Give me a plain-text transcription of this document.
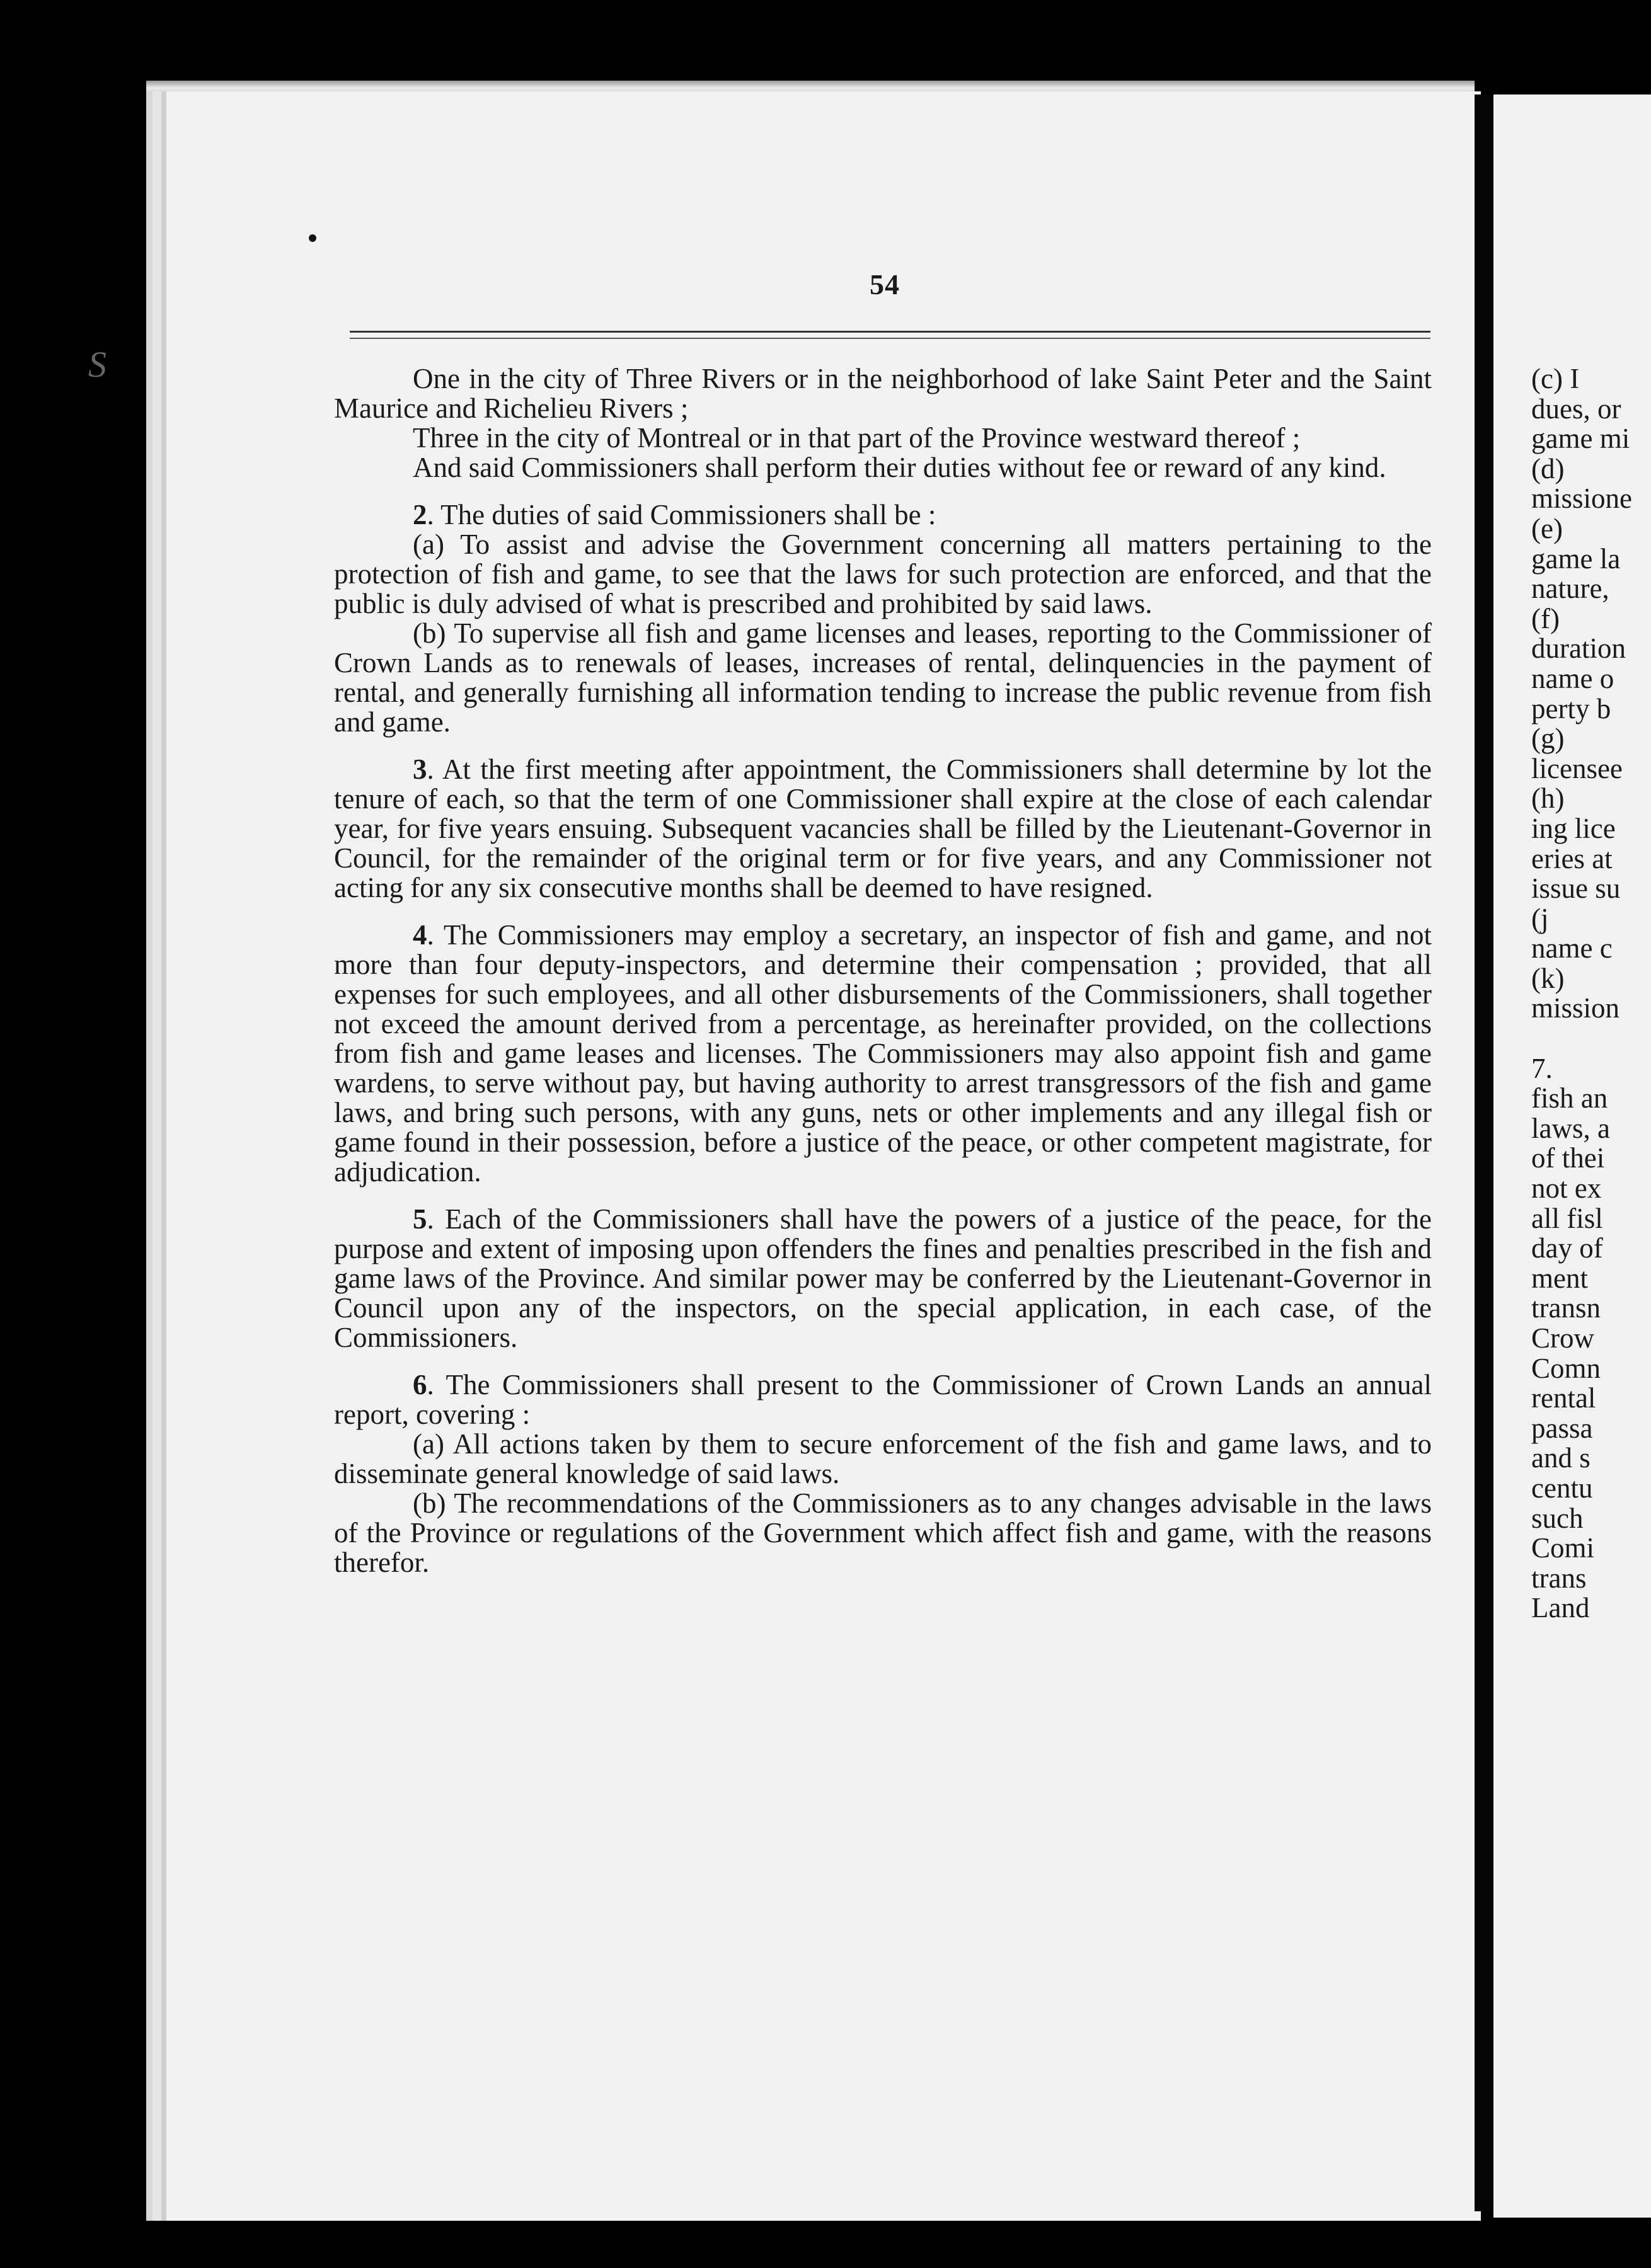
S
54

One in the city of Three Rivers or in the neighborhood of lake Saint Peter and the Saint Maurice and Richelieu Rivers ;

Three in the city of Montreal or in that part of the Province westward thereof ;

And said Commissioners shall perform their duties without fee or reward of any kind.

2. The duties of said Commissioners shall be :

(a) To assist and advise the Government concerning all matters pertaining to the protection of fish and game, to see that the laws for such protection are enforced, and that the public is duly advised of what is prescribed and prohibited by said laws.

(b) To supervise all fish and game licenses and leases, reporting to the Commissioner of Crown Lands as to renewals of leases, increases of rental, delinquencies in the payment of rental, and generally furnishing all information tending to increase the public revenue from fish and game.

3. At the first meeting after appointment, the Commissioners shall determine by lot the tenure of each, so that the term of one Commissioner shall expire at the close of each calendar year, for five years ensuing. Subsequent vacancies shall be filled by the Lieutenant-Governor in Council, for the remainder of the original term or for five years, and any Commissioner not acting for any six consecutive months shall be deemed to have resigned.

4. The Commissioners may employ a secretary, an inspector of fish and game, and not more than four deputy-inspectors, and determine their compensation ; provided, that all expenses for such employees, and all other disbursements of the Commissioners, shall together not exceed the amount derived from a percentage, as hereinafter provided, on the collections from fish and game leases and licenses. The Commissioners may also appoint fish and game wardens, to serve without pay, but having authority to arrest transgressors of the fish and game laws, and bring such persons, with any guns, nets or other implements and any illegal fish or game found in their possession, before a justice of the peace, or other competent magistrate, for adjudication.

5. Each of the Commissioners shall have the powers of a justice of the peace, for the purpose and extent of imposing upon offenders the fines and penalties prescribed in the fish and game laws of the Province. And similar power may be conferred by the Lieutenant-Governor in Council upon any of the inspectors, on the special application, in each case, of the Commissioners.

6. The Commissioners shall present to the Commissioner of Crown Lands an annual report, covering :

(a) All actions taken by them to secure enforcement of the fish and game laws, and to disseminate general knowledge of said laws.

(b) The recommendations of the Commissioners as to any changes advisable in the laws of the Province or regulations of the Government which affect fish and game, with the reasons therefor.

(c) I
dues, or
game mi
(d)
missione
(e)
game la
nature,
(f)
duration
name o
perty b
(g)
licensee
(h)
ing lice
eries at
issue su
(j
name c
(k)
mission
7.
fish an
laws, a
of thei
not ex
all fisl
day of
ment
transn
Crow
Comn
rental
passa
and s
centu
such
Comi
trans
Land
